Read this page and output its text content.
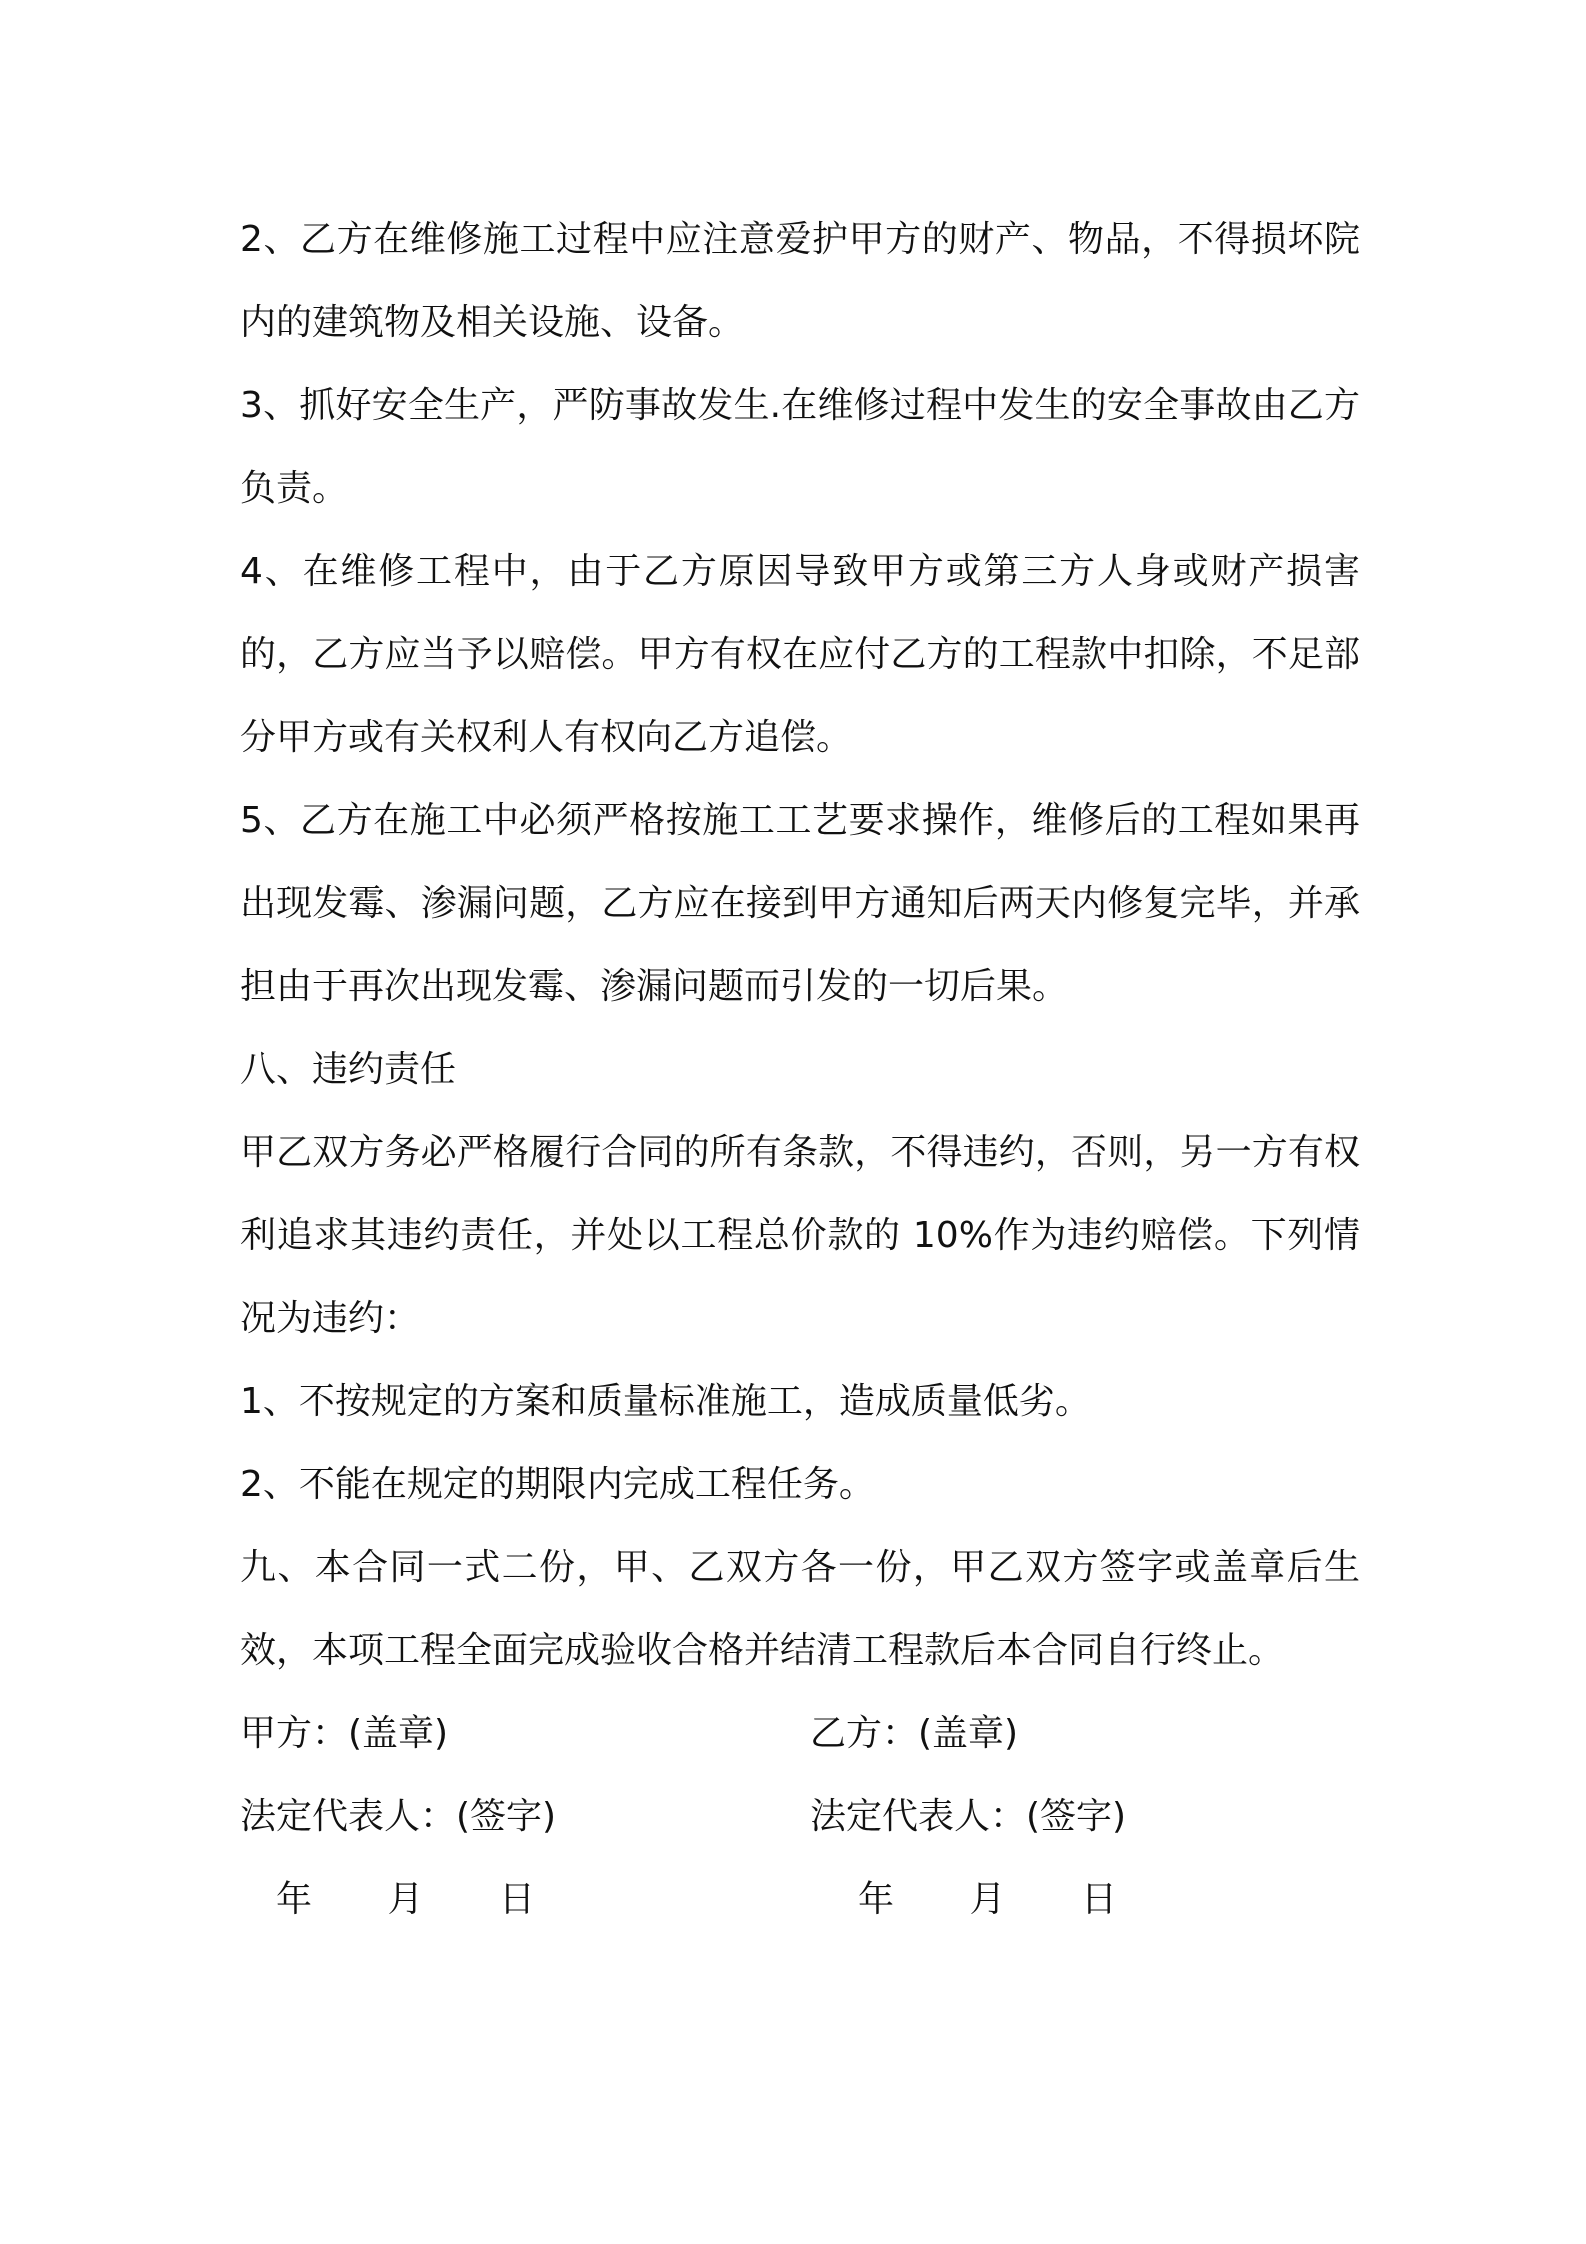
2、乙方在维修施工过程中应注意爱护甲方的财产、物品，不得损坏院内的建筑物及相关设施、设备。

3、抓好安全生产，严防事故发生.在维修过程中发生的安全事故由乙方负责。

4、在维修工程中，由于乙方原因导致甲方或第三方人身或财产损害的，乙方应当予以赔偿。甲方有权在应付乙方的工程款中扣除，不足部分甲方或有关权利人有权向乙方追偿。

5、乙方在施工中必须严格按施工工艺要求操作，维修后的工程如果再出现发霉、渗漏问题，乙方应在接到甲方通知后两天内修复完毕，并承担由于再次出现发霉、渗漏问题而引发的一切后果。

八、违约责任

甲乙双方务必严格履行合同的所有条款，不得违约，否则，另一方有权利追求其违约责任，并处以工程总价款的 10%作为违约赔偿。下列情况为违约：

1、不按规定的方案和质量标准施工，造成质量低劣。

2、不能在规定的期限内完成工程任务。

九、本合同一式二份，甲、乙双方各一份，甲乙双方签字或盖章后生效，本项工程全面完成验收合格并结清工程款后本合同自行终止。

甲方：(盖章)	乙方：(盖章)
法定代表人：(签字)	法定代表人：(签字)
年 月 日	年 月 日
